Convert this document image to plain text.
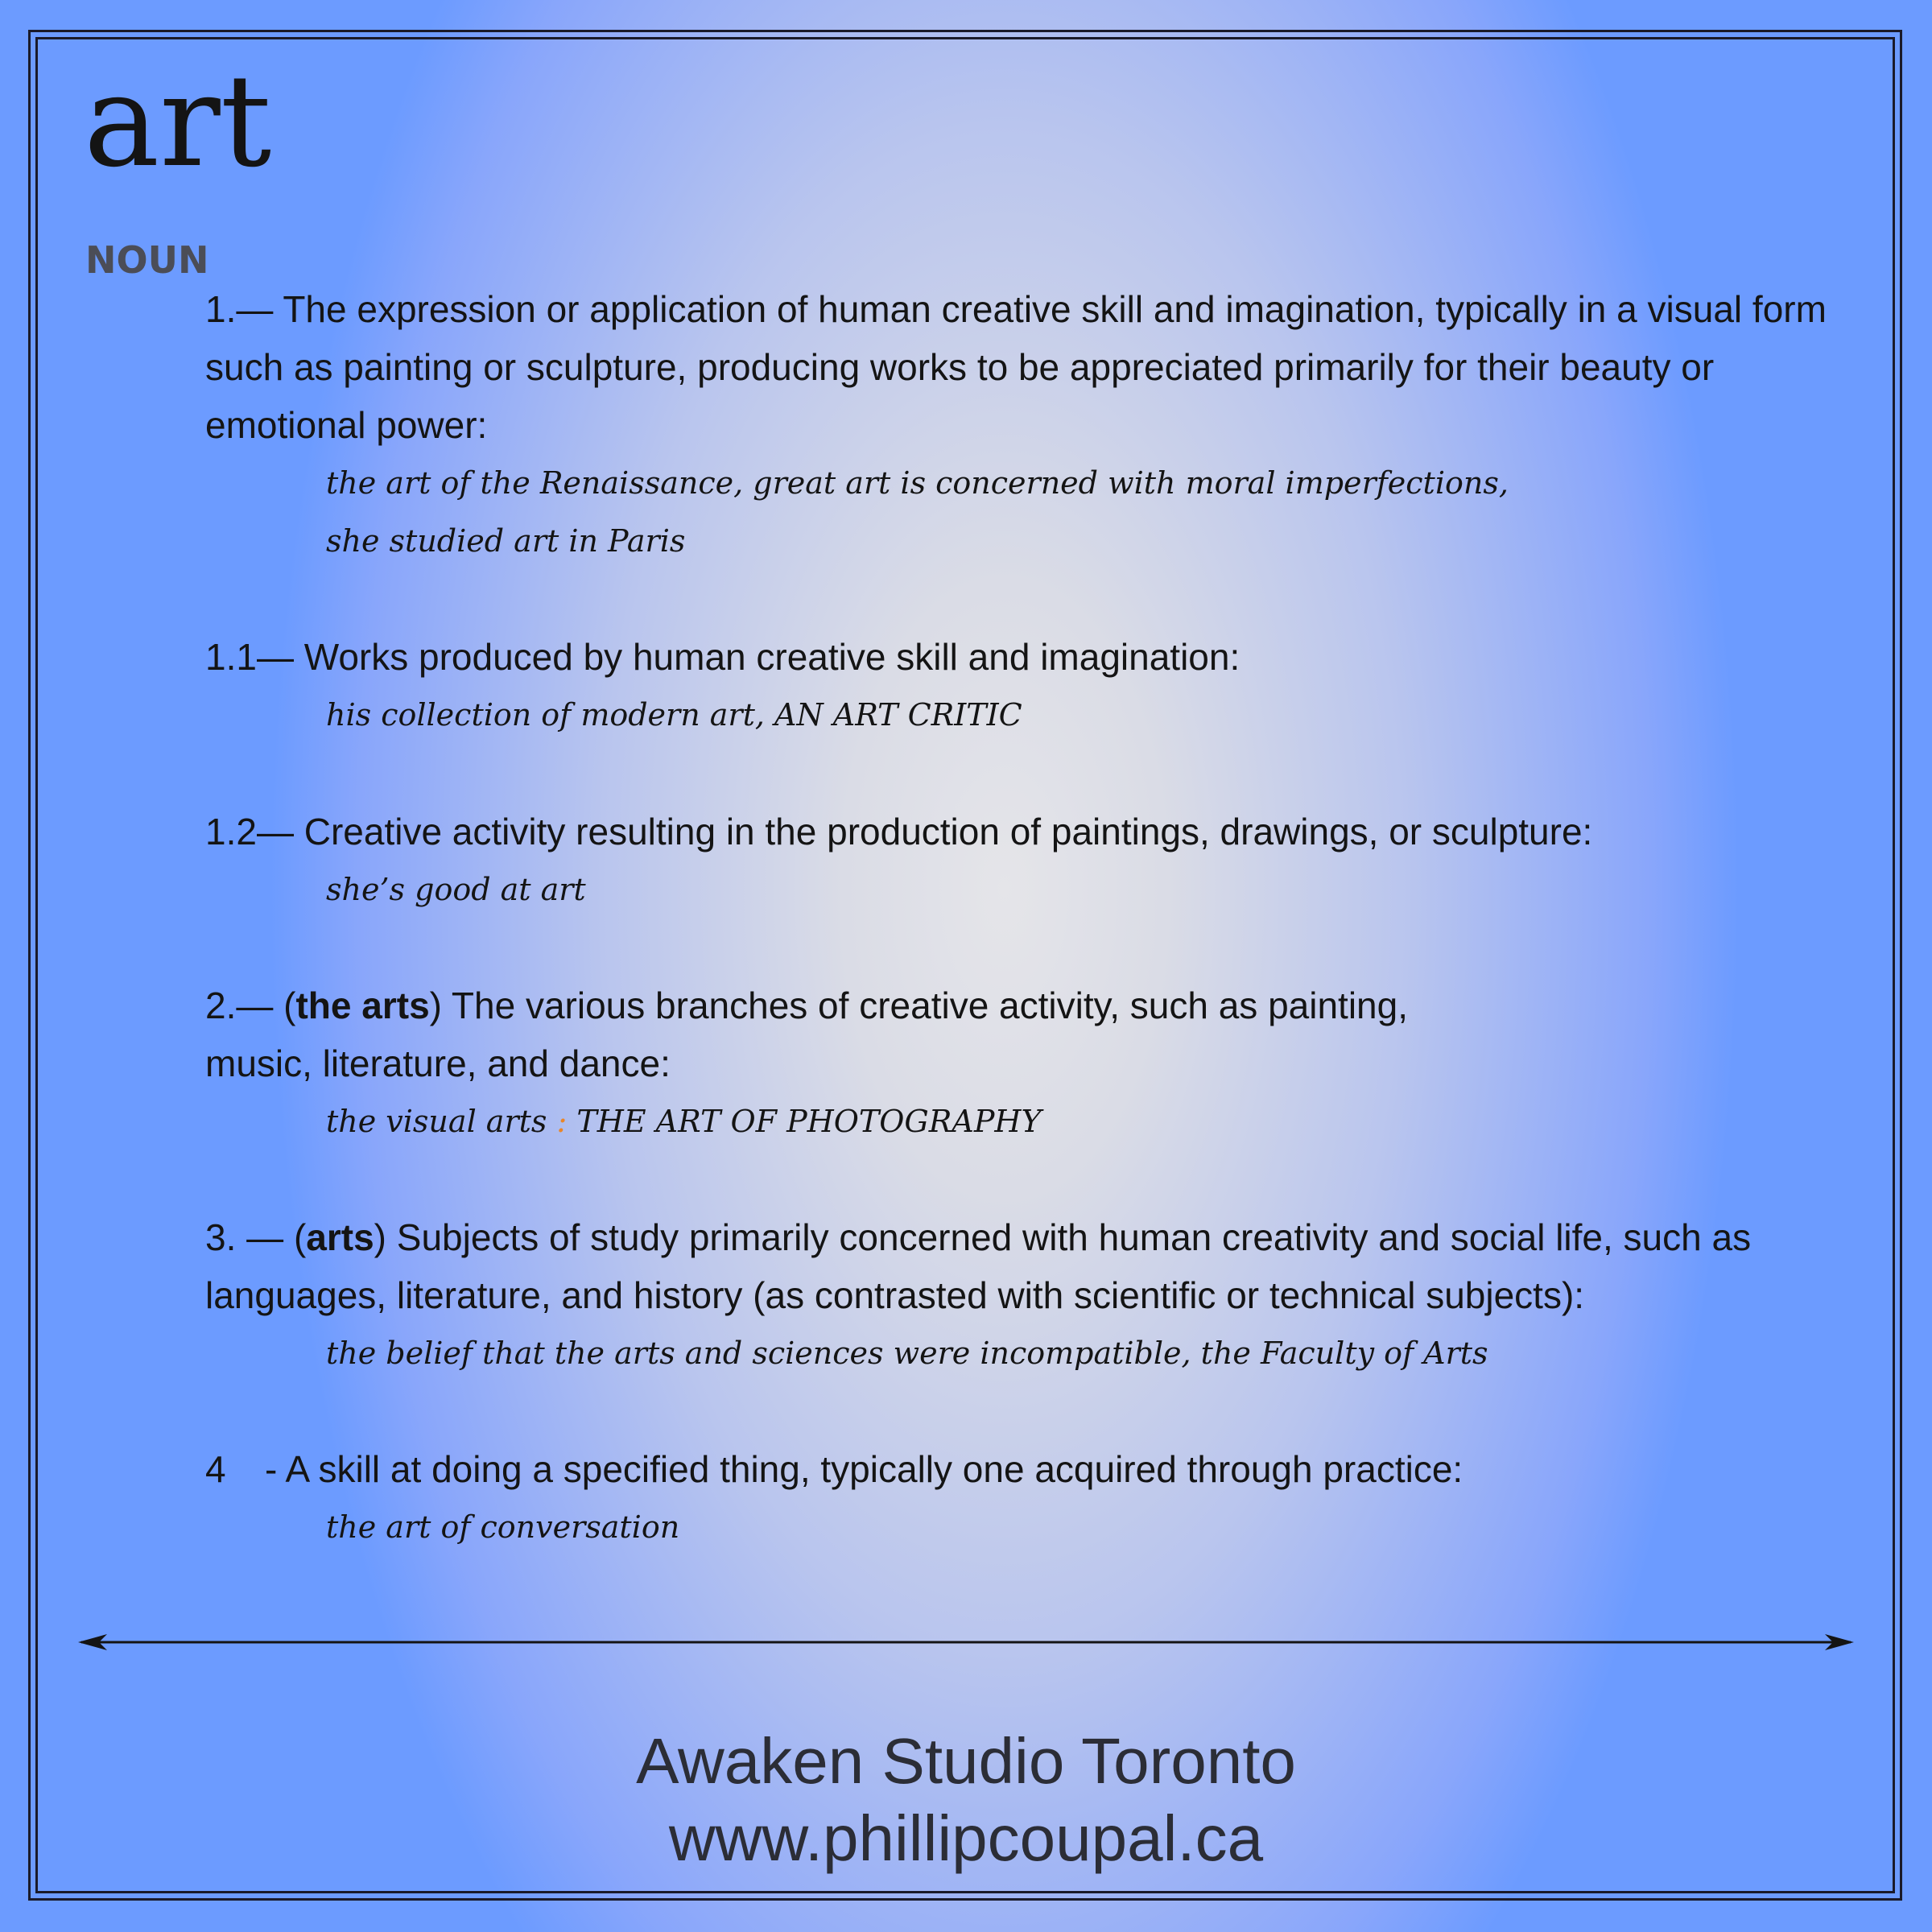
art
NOUN

1.— The expression or application of human creative skill and imagination, typically in a visual form such as painting or sculpture, producing works to be appreciated primarily for their beauty or emotional power:

the art of the Renaissance, great art is concerned with moral imperfections,

she studied art in Paris

1.1— Works produced by human creative skill and imagination:

his collection of modern art, AN ART CRITIC

1.2— Creative activity resulting in the production of paintings, drawings, or sculpture:

she’s good at art

2.— (the arts) The various branches of creative activity, such as painting,
music, literature, and dance:

the visual arts : THE ART OF PHOTOGRAPHY

3. — (arts) Subjects of study primarily concerned with human creativity and social life, such as languages, literature, and history (as contrasted with scientific or technical subjects):

the belief that the arts and sciences were incompatible, the Faculty of Arts

4 - A skill at doing a specified thing, typically one acquired through practice:

the art of conversation

Awaken Studio Toronto
www.phillipcoupal.ca
